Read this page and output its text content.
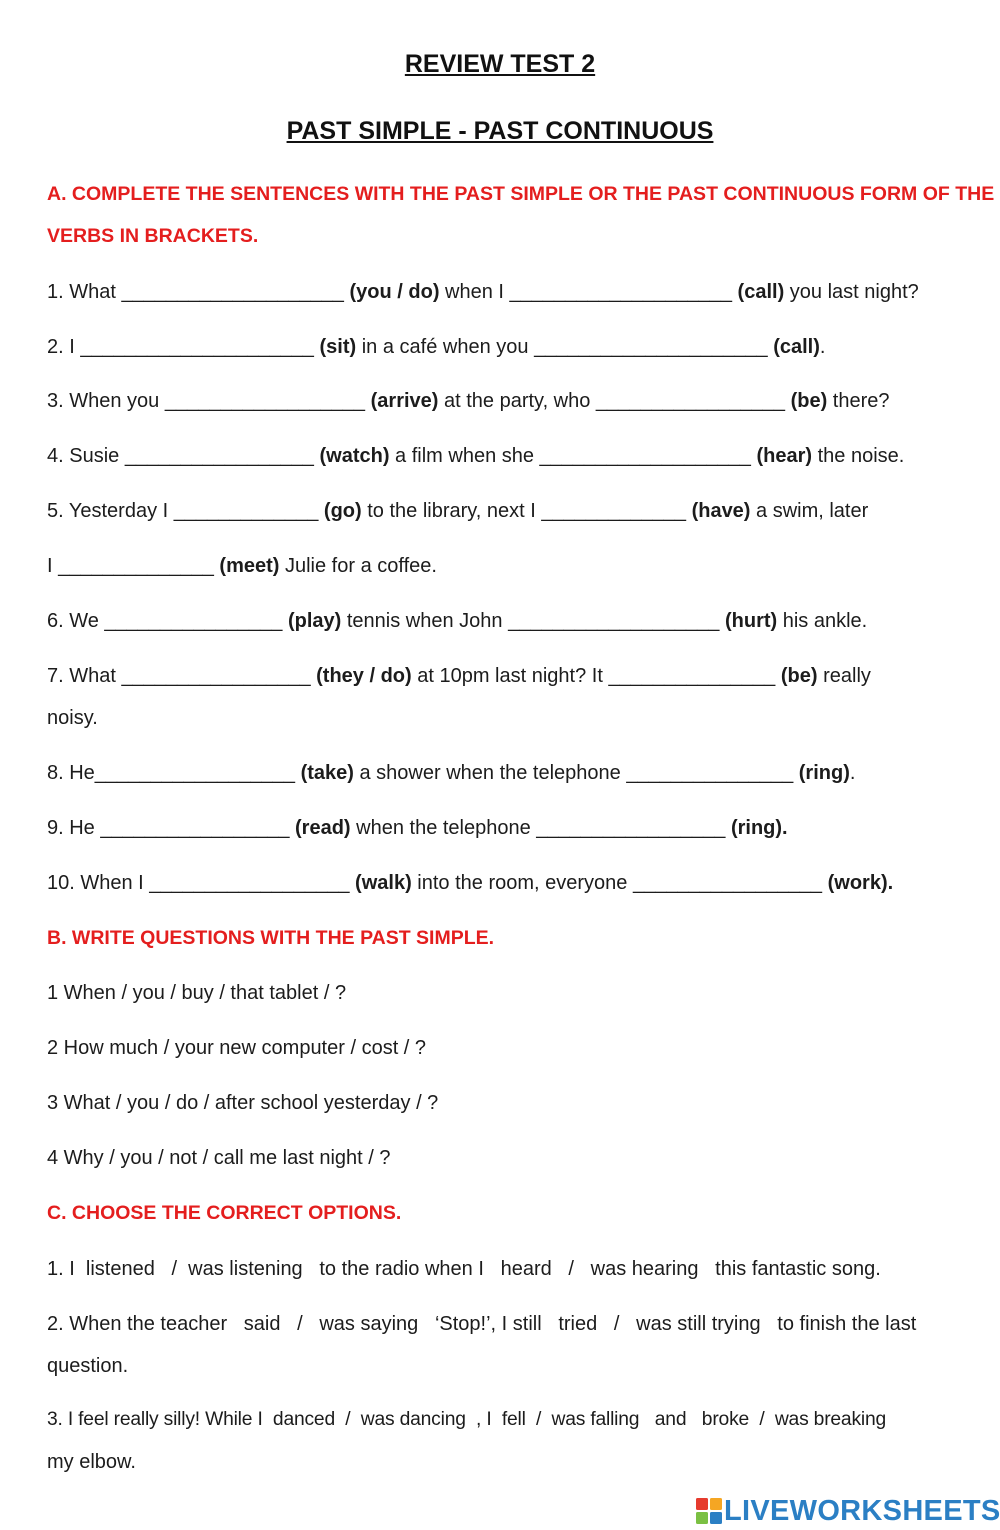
REVIEW TEST 2
PAST SIMPLE - PAST CONTINUOUS
A. COMPLETE THE SENTENCES WITH THE PAST SIMPLE OR THE PAST CONTINUOUS FORM OF THE
VERBS IN BRACKETS.
1. What ____________________ (you / do) when I ____________________ (call) you last night?
2. I _____________________ (sit) in a café when you _____________________ (call).
3. When you __________________ (arrive) at the party, who _________________ (be) there?
4. Susie _________________ (watch) a film when she ___________________ (hear) the noise.
5. Yesterday I _____________ (go) to the library, next I _____________ (have) a swim, later
I ______________ (meet) Julie for a coffee.
6. We ________________ (play) tennis when John ___________________ (hurt) his ankle.
7. What _________________ (they / do) at 10pm last night? It _______________ (be) really
noisy.
8. He__________________ (take) a shower when the telephone _______________ (ring).
9. He _________________ (read) when the telephone _________________ (ring).
10. When I __________________ (walk) into the room, everyone _________________ (work).
B. WRITE QUESTIONS WITH THE PAST SIMPLE.
1 When / you / buy / that tablet / ?
2 How much / your new computer / cost / ?
3 What / you / do / after school yesterday / ?
4 Why / you / not / call me last night / ?
C. CHOOSE THE CORRECT OPTIONS.
1. I  listened   /  was listening   to the radio when I   heard   /   was hearing   this fantastic song.
2. When the teacher   said   /   was saying   ‘Stop!’, I still   tried   /   was still trying   to finish the last
question.
3. I feel really silly! While I  danced  /  was dancing  , I  fell  /  was falling   and   broke  /  was breaking
my elbow.
LIVEWORKSHEETS
